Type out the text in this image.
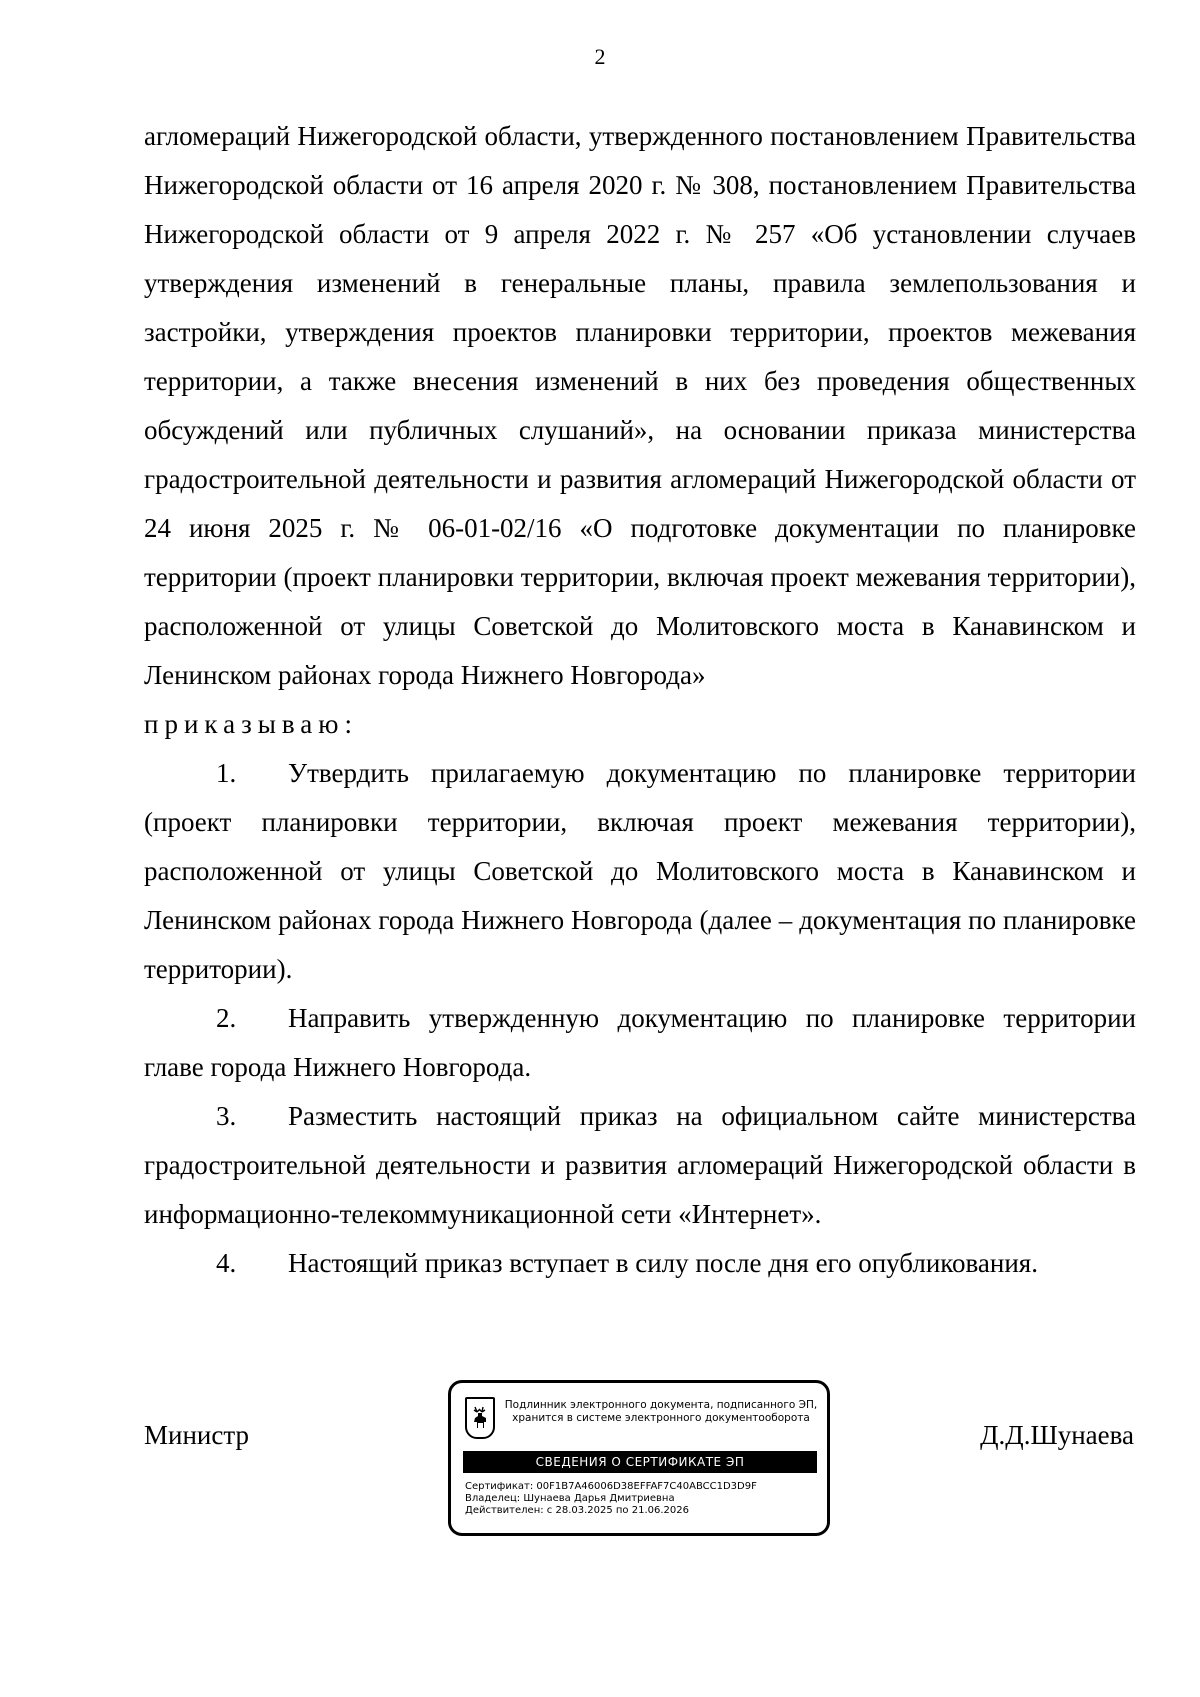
2

агломераций Нижегородской области, утвержденного постановлением Правительства Нижегородской области от 16 апреля 2020 г. № 308, постановлением Правительства Нижегородской области от 9 апреля 2022 г. № 257 «Об установлении случаев утверждения изменений в генеральные планы, правила землепользования и застройки, утверждения проектов планировки территории, проектов межевания территории, а также внесения изменений в них без проведения общественных обсуждений или публичных слушаний», на основании приказа министерства градостроительной деятельности и развития агломераций Нижегородской области от 24 июня 2025 г. № 06-01-02/16 «О подготовке документации по планировке территории (проект планировки территории, включая проект межевания территории), расположенной от улицы Советской до Молитовского моста в Канавинском и Ленинском районах города Нижнего Новгорода»

приказываю:

1. Утвердить прилагаемую документацию по планировке территории (проект планировки территории, включая проект межевания территории), расположенной от улицы Советской до Молитовского моста в Канавинском и Ленинском районах города Нижнего Новгорода (далее – документация по планировке территории).

2. Направить утвержденную документацию по планировке территории главе города Нижнего Новгорода.

3. Разместить настоящий приказ на официальном сайте министерства градостроительной деятельности и развития агломераций Нижегородской области в информационно-телекоммуникационной сети «Интернет».

4. Настоящий приказ вступает в силу после дня его опубликования.

Министр
Подлинник электронного документа, подписанного ЭП,
хранится в системе электронного документооборота
СВЕДЕНИЯ О СЕРТИФИКАТЕ ЭП
Сертификат: 00F1B7A46006D38EFFAF7C40ABCC1D3D9F
Владелец: Шунаева Дарья Дмитриевна
Действителен: с 28.03.2025 по 21.06.2026
Д.Д.Шунаева
